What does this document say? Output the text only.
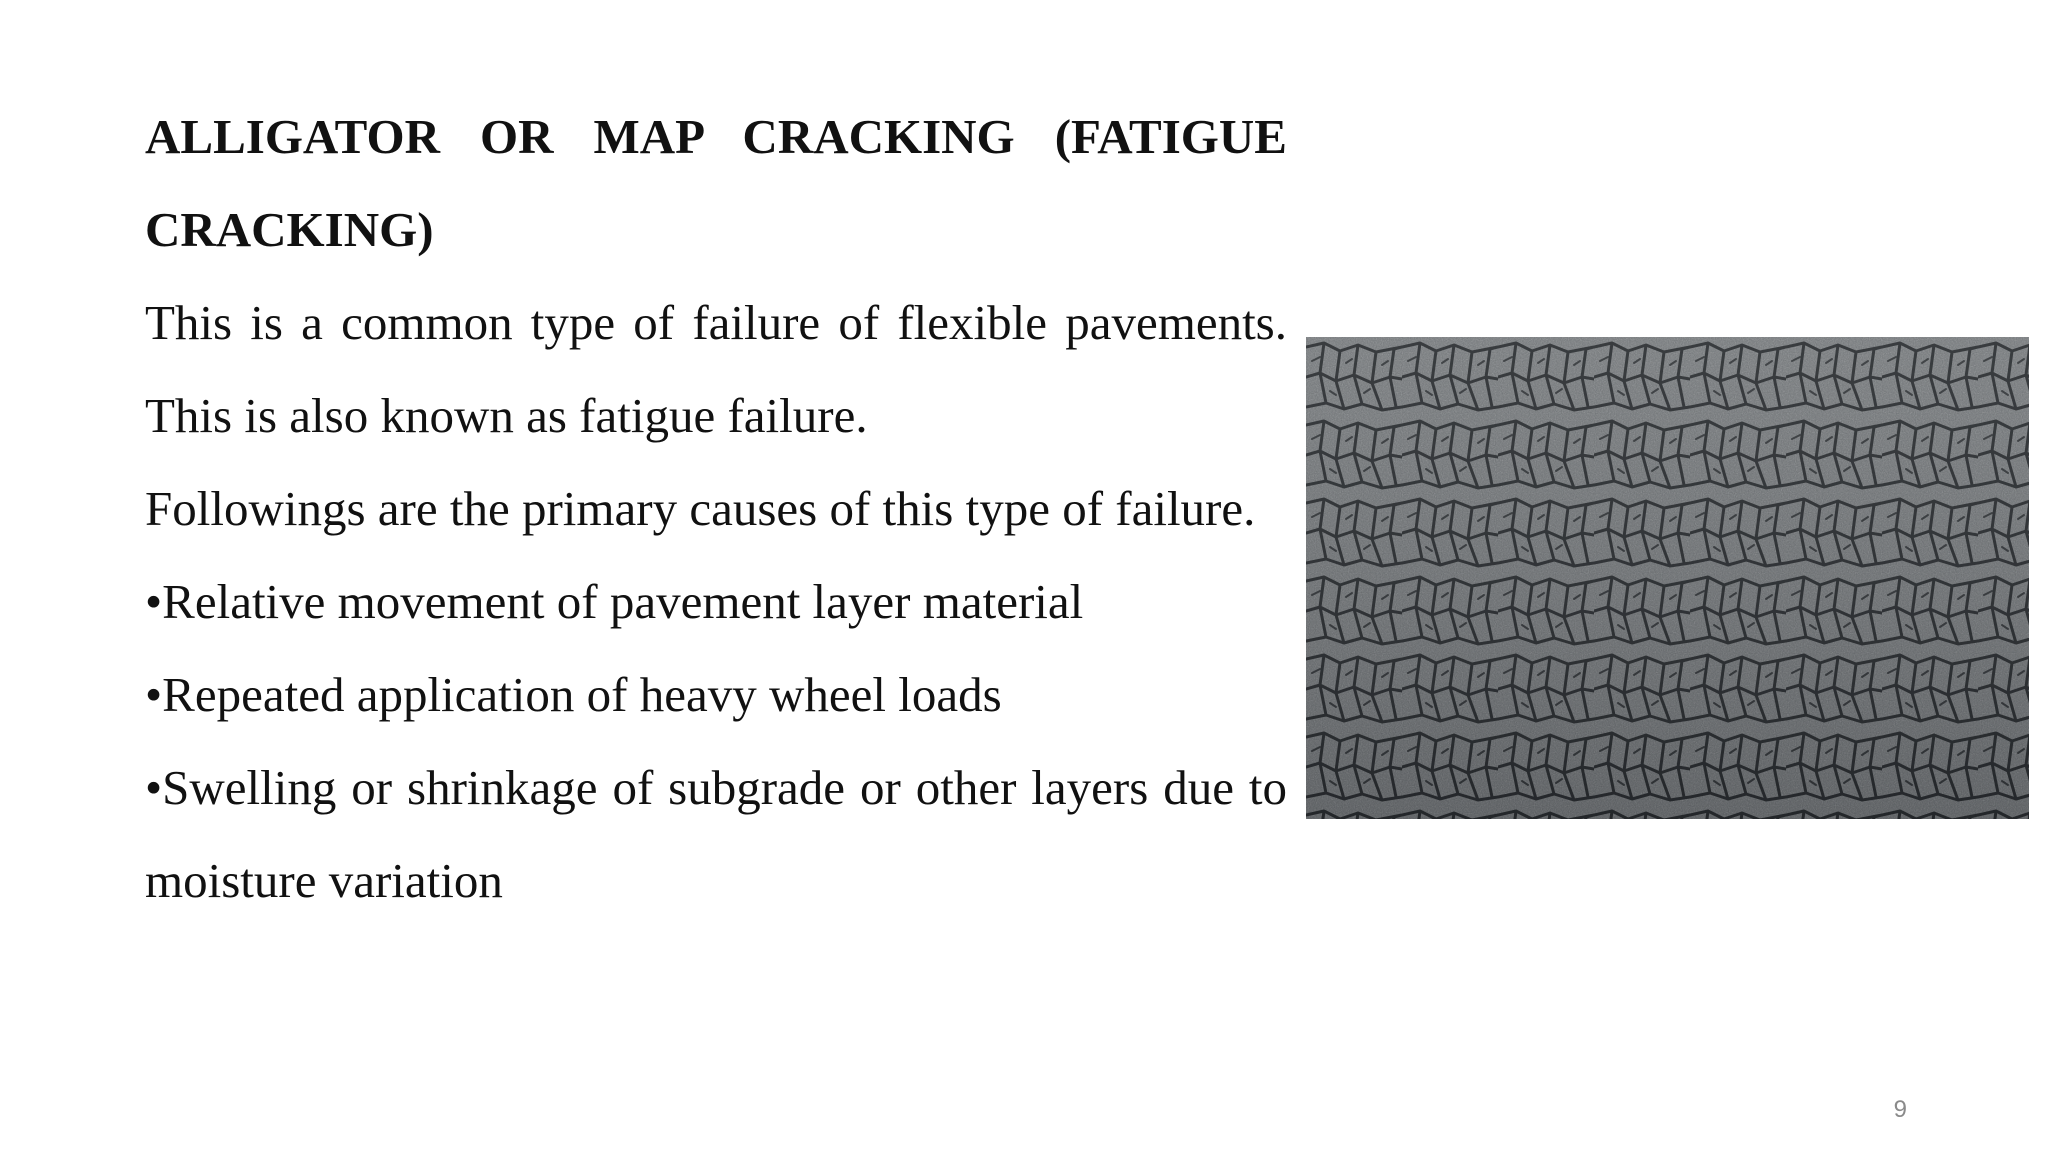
ALLIGATOR OR MAP CRACKING (FATIGUE CRACKING)

This is a common type of failure of flexible pavements. This is also known as fatigue failure.

Followings are the primary causes of this type of failure.

•Relative movement of pavement layer material
•Repeated application of heavy wheel loads
•Swelling or shrinkage of subgrade or other layers due to moisture variation
9
